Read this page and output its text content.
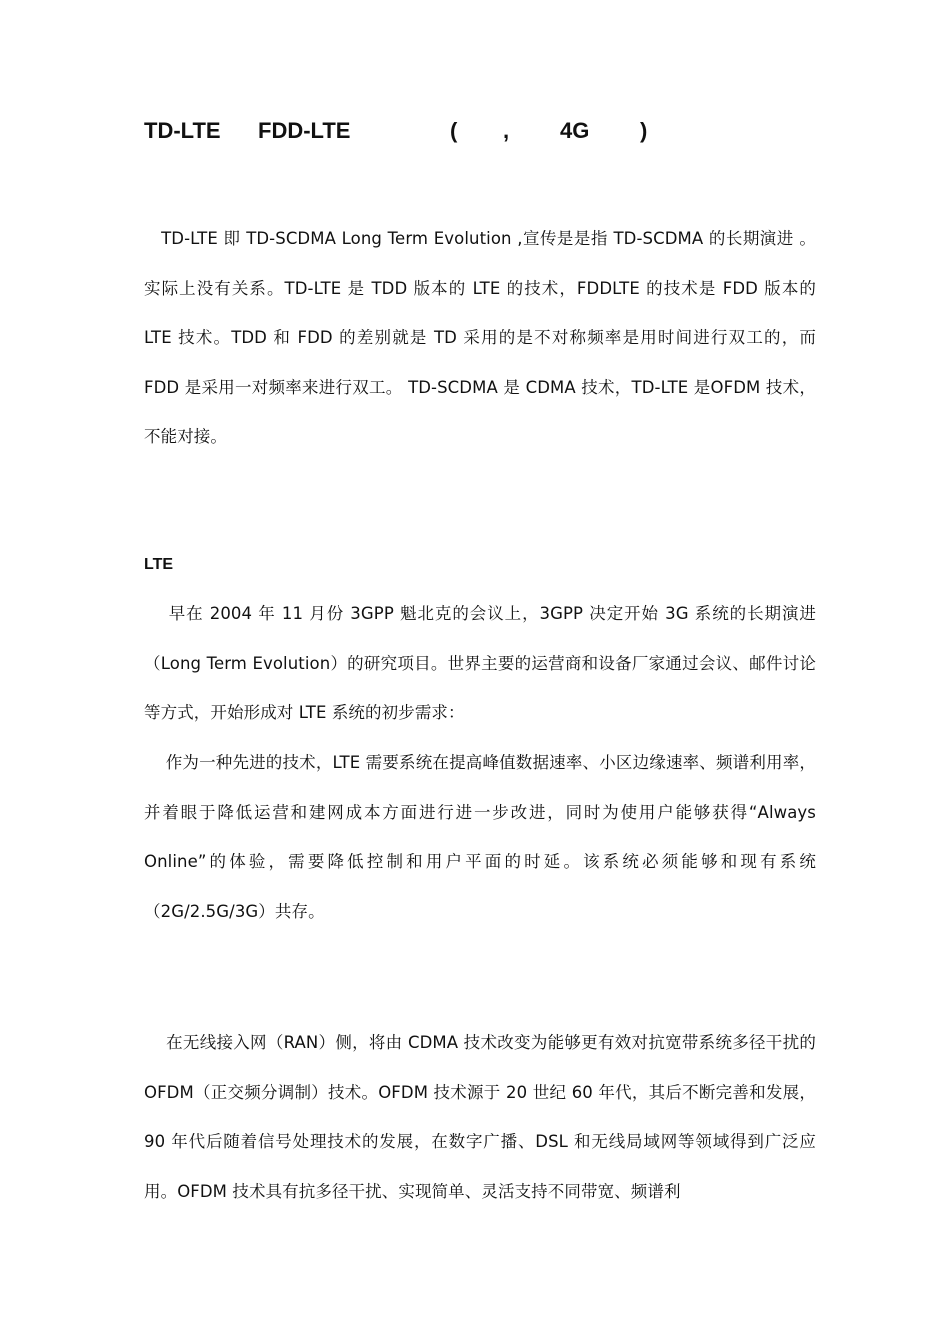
TD-LTE FDD-LTE	( , 4G )
TD-LTE 即 TD-SCDMA Long Term Evolution ,宣传是是指 TD-SCDMA 的长期演进 。 实际上没有关系。TD-LTE 是 TDD 版本的 LTE 的技术，FDDLTE 的技术是 FDD 版本的 LTE 技术。TDD 和 FDD 的差别就是 TD 采用的是不对称频率是用时间进行双工的，而 FDD 是采用一对频率来进行双工。 TD-SCDMA 是 CDMA 技术，TD-LTE 是OFDM 技术，不能对接。
LTE
早在 2004 年 11 月份 3GPP 魁北克的会议上，3GPP 决定开始 3G 系统的长期演进（Long Term Evolution）的研究项目。世界主要的运营商和设备厂家通过会议、邮件讨论等方式，开始形成对 LTE 系统的初步需求：
作为一种先进的技术，LTE 需要系统在提高峰值数据速率、小区边缘速率、频谱利用率，并着眼于降低运营和建网成本方面进行进一步改进，同时为使用户能够获得“Always Online”的体验，需要降低控制和用户平面的时延。该系统必须能够和现有系统（2G/2.5G/3G）共存。
在无线接入网（RAN）侧，将由 CDMA 技术改变为能够更有效对抗宽带系统多径干扰的 OFDM（正交频分调制）技术。OFDM 技术源于 20 世纪 60 年代，其后不断完善和发展，90 年代后随着信号处理技术的发展，在数字广播、DSL 和无线局域网等领域得到广泛应用。OFDM 技术具有抗多径干扰、实现简单、灵活支持不同带宽、频谱利
